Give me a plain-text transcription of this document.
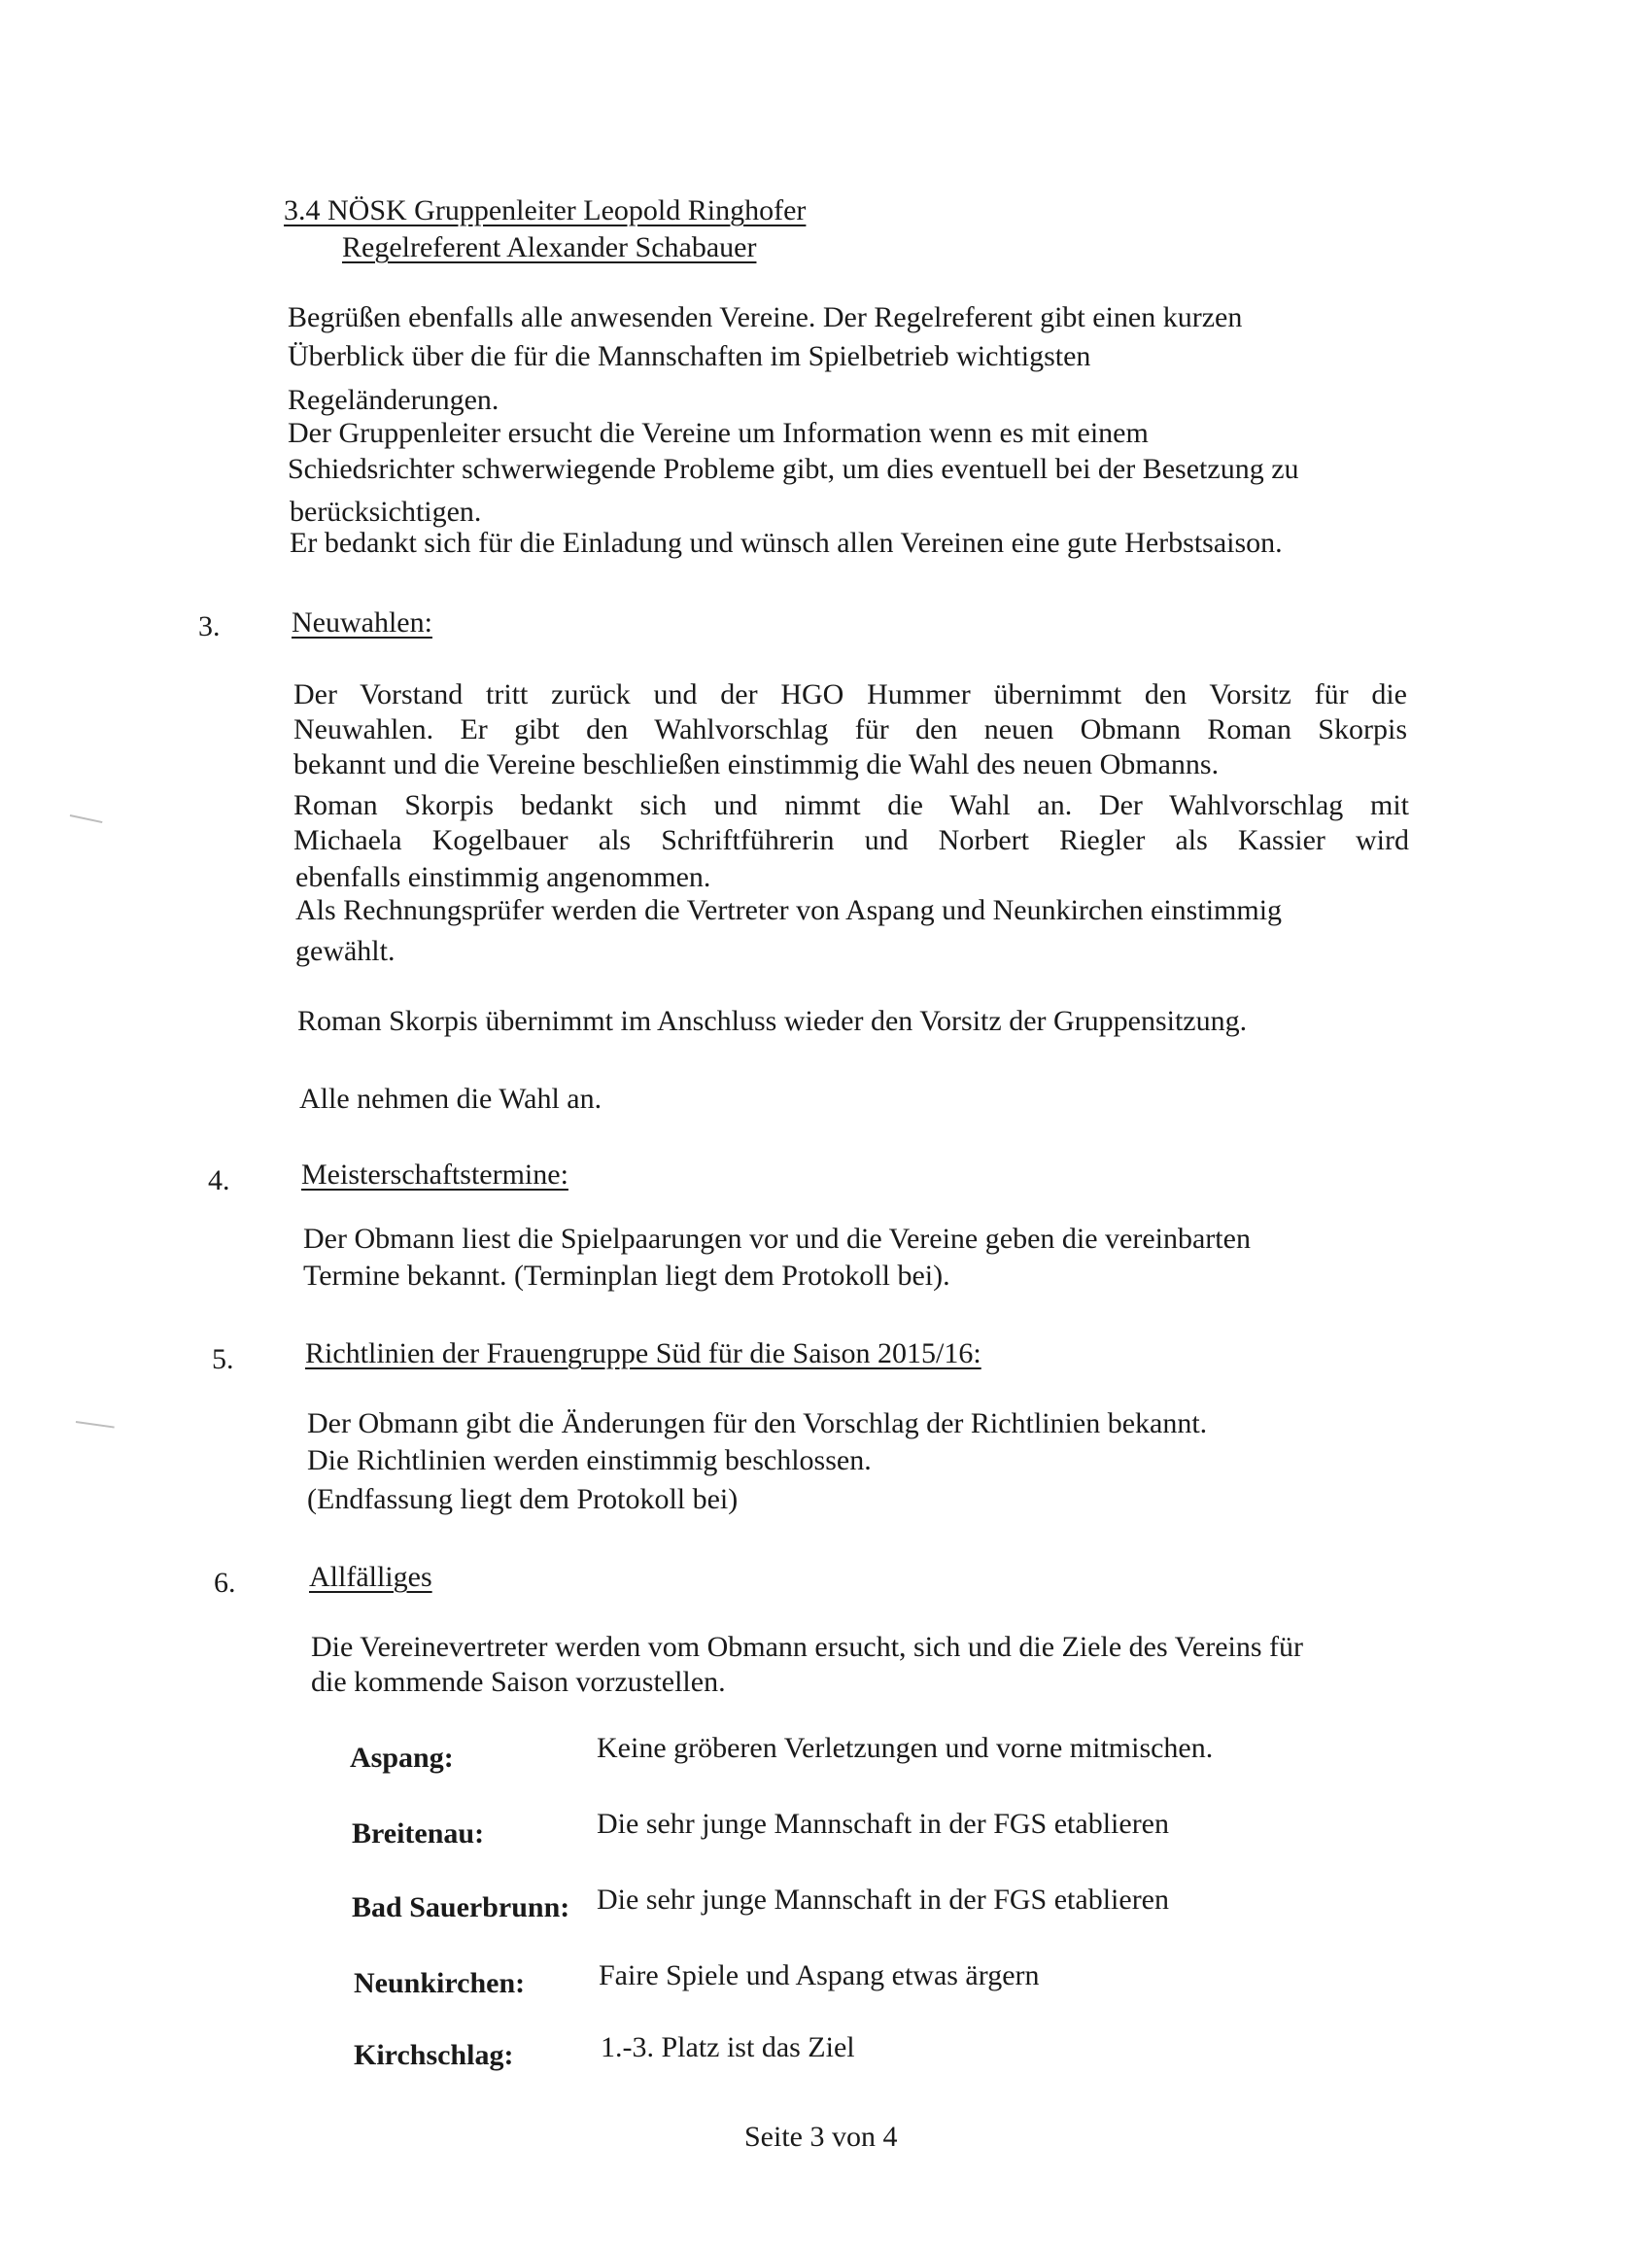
3.4 NÖSK Gruppenleiter Leopold Ringhofer
Regelreferent Alexander Schabauer
Begrüßen ebenfalls alle anwesenden Vereine. Der Regelreferent gibt einen kurzen
Überblick über die für die Mannschaften im Spielbetrieb wichtigsten
Regeländerungen.
Der Gruppenleiter ersucht die Vereine um Information wenn es mit einem
Schiedsrichter schwerwiegende Probleme gibt, um dies eventuell bei der Besetzung zu
berücksichtigen.
Er bedankt sich für die Einladung und wünsch allen Vereinen eine gute Herbstsaison.
3. Neuwahlen:
Der Vorstand tritt zurück und der HGO Hummer übernimmt den Vorsitz für die
Neuwahlen. Er gibt den Wahlvorschlag für den neuen Obmann Roman Skorpis
bekannt und die Vereine beschließen einstimmig die Wahl des neuen Obmanns.
Roman Skorpis bedankt sich und nimmt die Wahl an. Der Wahlvorschlag mit
Michaela Kogelbauer als Schriftführerin und Norbert Riegler als Kassier wird
ebenfalls einstimmig angenommen.
Als Rechnungsprüfer werden die Vertreter von Aspang und Neunkirchen einstimmig
gewählt.
Roman Skorpis übernimmt im Anschluss wieder den Vorsitz der Gruppensitzung.
Alle nehmen die Wahl an.
4. Meisterschaftstermine:
Der Obmann liest die Spielpaarungen vor und die Vereine geben die vereinbarten
Termine bekannt. (Terminplan liegt dem Protokoll bei).
5. Richtlinien der Frauengruppe Süd für die Saison 2015/16:
Der Obmann gibt die Änderungen für den Vorschlag der Richtlinien bekannt.
Die Richtlinien werden einstimmig beschlossen.
(Endfassung liegt dem Protokoll bei)
6.	Allfälliges
Die Vereinevertreter werden vom Obmann ersucht, sich und die Ziele des Vereins für
die kommende Saison vorzustellen.
Aspang:	Keine gröberen Verletzungen und vorne mitmischen.
Breitenau:	Die sehr junge Mannschaft in der FGS etablieren
Bad Sauerbrunn: Die sehr junge Mannschaft in der FGS etablieren
Neunkirchen:	Faire Spiele und Aspang etwas ärgern
Kirchschlag:	1.-3. Platz ist das Ziel
Seite 3 von 4
